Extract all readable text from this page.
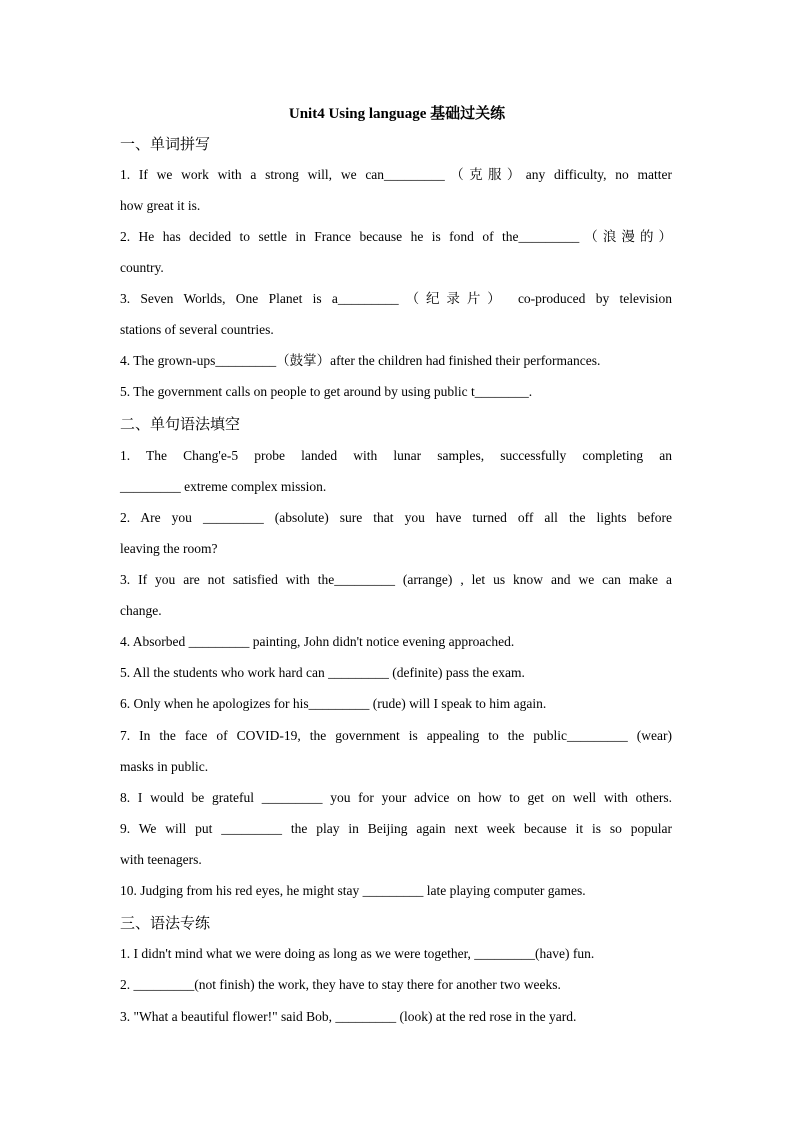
Unit4 Using language 基础过关练
一、单词拼写
1. If we work with a strong will, we can_________（克服）any difficulty, no matter
how great it is.
2. He has decided to settle in France because he is fond of the_________（浪漫的）
country.
3. Seven Worlds, One Planet is a_________（纪录片） co-produced by television
stations of several countries.
4. The grown-ups_________（鼓掌）after the children had finished their performances.
5. The government calls on people to get around by using public t________.
二、单句语法填空
1. The Chang'e-5 probe landed with lunar samples, successfully completing an
_________ extreme complex mission.
2. Are you _________ (absolute) sure that you have turned off all the lights before
leaving the room?
3. If you are not satisfied with the_________ (arrange) , let us know and we can make a
change.
4. Absorbed _________ painting, John didn't notice evening approached.
5. All the students who work hard can _________ (definite) pass the exam.
6. Only when he apologizes for his_________ (rude) will I speak to him again.
7. In the face of COVID-19, the government is appealing to the public_________ (wear)
masks in public.
8. I would be grateful _________ you for your advice on how to get on well with others.
9. We will put _________ the play in Beijing again next week because it is so popular
with teenagers.
10. Judging from his red eyes, he might stay _________ late playing computer games.
三、语法专练
1. I didn't mind what we were doing as long as we were together, _________(have) fun.
2. _________(not finish) the work, they have to stay there for another two weeks.
3. "What a beautiful flower!" said Bob, _________ (look) at the red rose in the yard.
